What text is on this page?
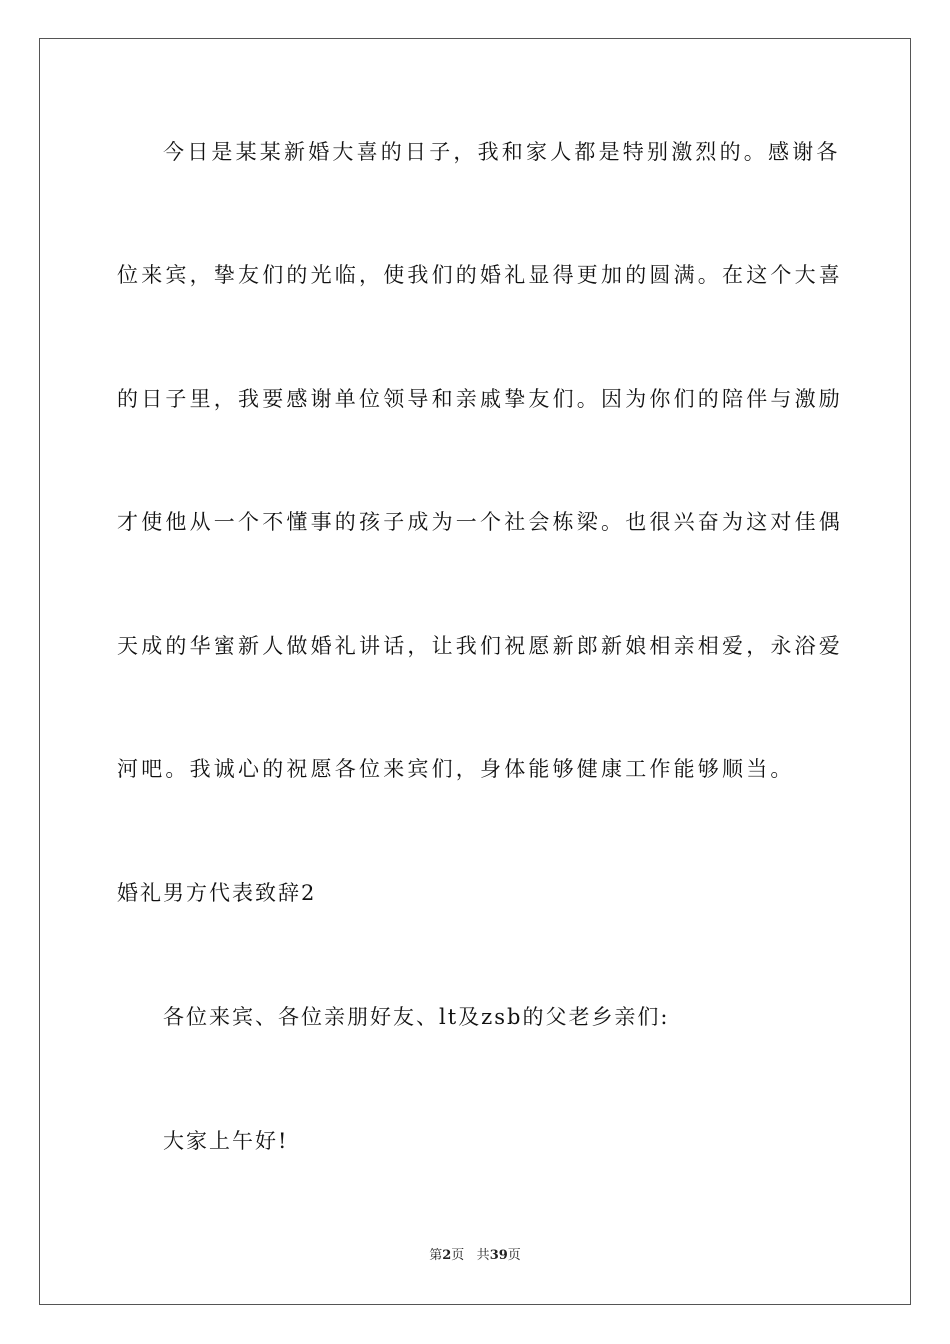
今日是某某新婚大喜的日子，我和家人都是特别激烈的。感谢各
位来宾，挚友们的光临，使我们的婚礼显得更加的圆满。在这个大喜
的日子里，我要感谢单位领导和亲戚挚友们。因为你们的陪伴与激励
才使他从一个不懂事的孩子成为一个社会栋梁。也很兴奋为这对佳偶
天成的华蜜新人做婚礼讲话，让我们祝愿新郎新娘相亲相爱，永浴爱
河吧。我诚心的祝愿各位来宾们，身体能够健康工作能够顺当。
婚礼男方代表致辞2
各位来宾、各位亲朋好友、lt及zsb的父老乡亲们:
大家上午好!
第2页 共39页
